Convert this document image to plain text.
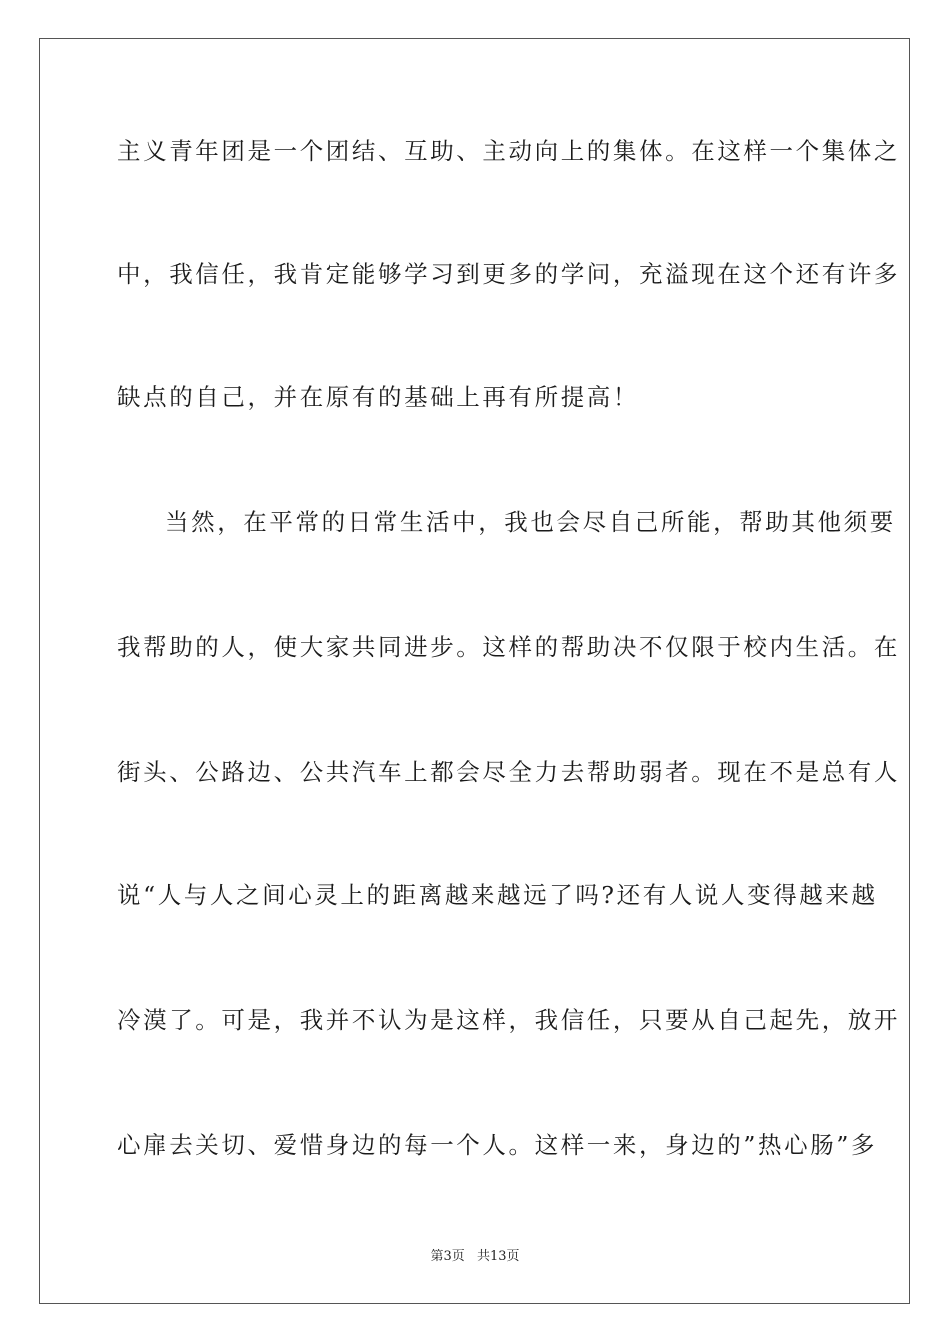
主义青年团是一个团结、互助、主动向上的集体。在这样一个集体之
中，我信任，我肯定能够学习到更多的学问，充溢现在这个还有许多
缺点的自己，并在原有的基础上再有所提高！
当然，在平常的日常生活中，我也会尽自己所能，帮助其他须要
我帮助的人，使大家共同进步。这样的帮助决不仅限于校内生活。在
街头、公路边、公共汽车上都会尽全力去帮助弱者。现在不是总有人
说“人与人之间心灵上的距离越来越远了吗?还有人说人变得越来越
冷漠了。可是，我并不认为是这样，我信任，只要从自己起先，放开
心扉去关切、爱惜身边的每一个人。这样一来，身边的”热心肠”多
第3页 共13页
